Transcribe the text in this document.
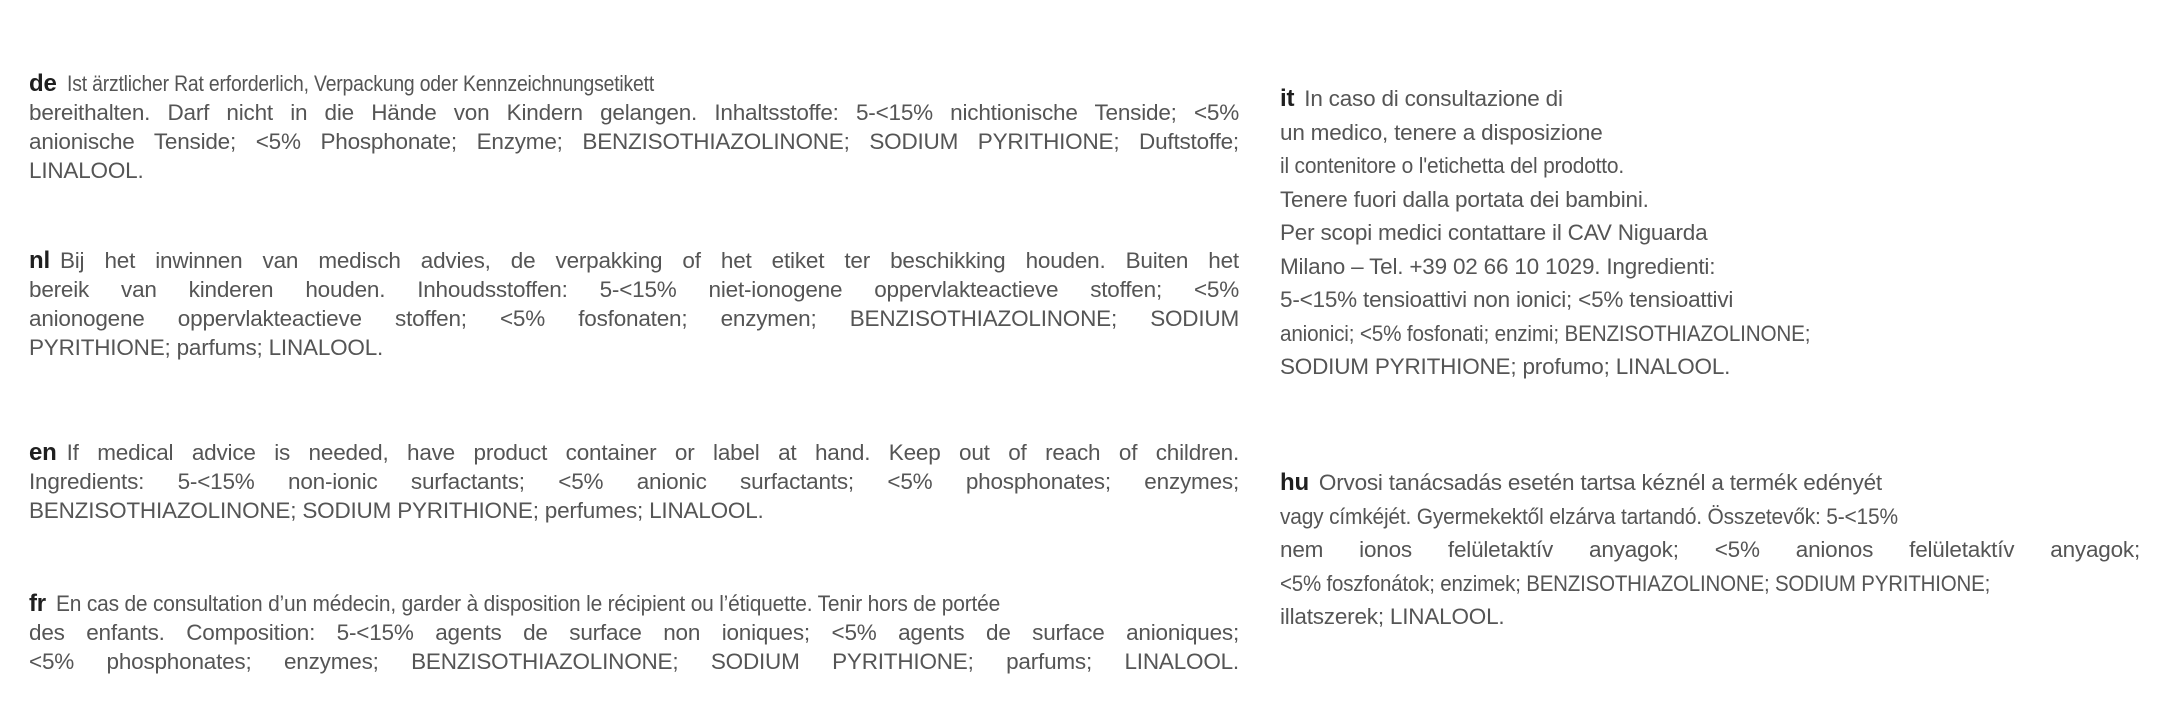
de Ist ärztlicher Rat erforderlich, Verpackung oder Kennzeichnungsetikett
bereithalten. Darf nicht in die Hände von Kindern gelangen. Inhaltsstoffe: 5-<15% nichtionische Tenside; <5%
anionische Tenside; <5% Phosphonate; Enzyme; BENZISOTHIAZOLINONE; SODIUM PYRITHIONE; Duftstoffe;
LINALOOL.
nl Bij het inwinnen van medisch advies, de verpakking of het etiket ter beschikking houden. Buiten het
bereik van kinderen houden. Inhoudsstoffen: 5-<15% niet-ionogene oppervlakteactieve stoffen; <5%
anionogene oppervlakteactieve stoffen; <5% fosfonaten; enzymen; BENZISOTHIAZOLINONE; SODIUM
PYRITHIONE; parfums; LINALOOL.
en If medical advice is needed, have product container or label at hand. Keep out of reach of children.
Ingredients: 5-<15% non-ionic surfactants; <5% anionic surfactants; <5% phosphonates; enzymes;
BENZISOTHIAZOLINONE; SODIUM PYRITHIONE; perfumes; LINALOOL.
fr En cas de consultation d’un médecin, garder à disposition le récipient ou l’étiquette. Tenir hors de portée
des enfants. Composition: 5-<15% agents de surface non ioniques; <5% agents de surface anioniques;
<5% phosphonates; enzymes; BENZISOTHIAZOLINONE; SODIUM PYRITHIONE; parfums; LINALOOL.
it In caso di consultazione di
un medico, tenere a disposizione
il contenitore o l'etichetta del prodotto.
Tenere fuori dalla portata dei bambini.
Per scopi medici contattare il CAV Niguarda
Milano – Tel. +39 02 66 10 1029. Ingredienti:
5-<15% tensioattivi non ionici; <5% tensioattivi
anionici; <5% fosfonati; enzimi; BENZISOTHIAZOLINONE;
SODIUM PYRITHIONE; profumo; LINALOOL.
hu Orvosi tanácsadás esetén tartsa kéznél a termék edényét
vagy címkéjét. Gyermekektől elzárva tartandó. Összetevők: 5-<15%
nem ionos felületaktív anyagok; <5% anionos felületaktív anyagok;
<5% foszfonátok; enzimek; BENZISOTHIAZOLINONE; SODIUM PYRITHIONE;
illatszerek; LINALOOL.
